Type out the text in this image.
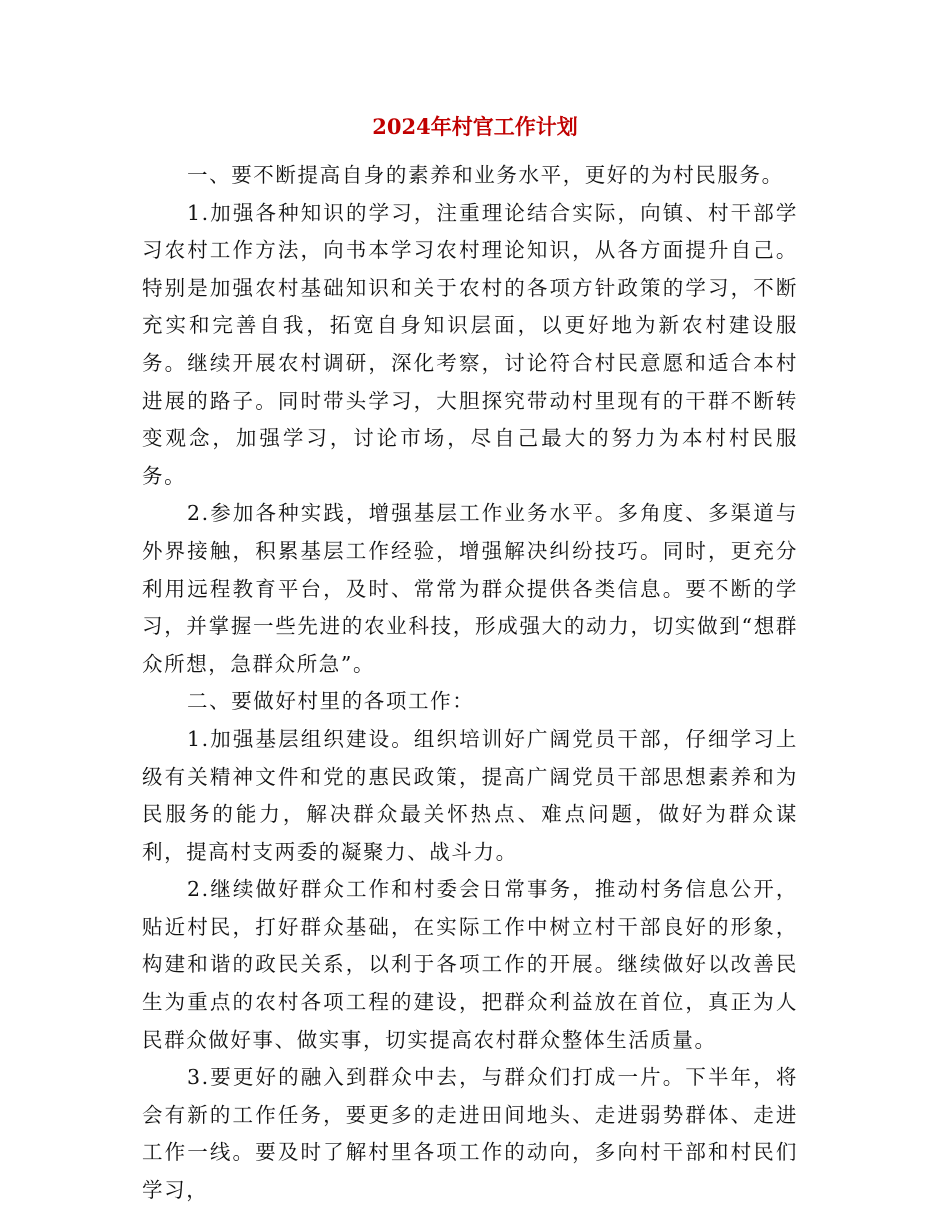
2024年村官工作计划

一、要不断提高自身的素养和业务水平，更好的为村民服务。

1.加强各种知识的学习，注重理论结合实际，向镇、村干部学习农村工作方法，向书本学习农村理论知识，从各方面提升自己。特别是加强农村基础知识和关于农村的各项方针政策的学习，不断充实和完善自我，拓宽自身知识层面，以更好地为新农村建设服务。继续开展农村调研，深化考察，讨论符合村民意愿和适合本村进展的路子。同时带头学习，大胆探究带动村里现有的干群不断转变观念，加强学习，讨论市场，尽自己最大的努力为本村村民服务。

2.参加各种实践，增强基层工作业务水平。多角度、多渠道与外界接触，积累基层工作经验，增强解决纠纷技巧。同时，更充分利用远程教育平台，及时、常常为群众提供各类信息。要不断的学习，并掌握一些先进的农业科技，形成强大的动力，切实做到“想群众所想，急群众所急”。

二、要做好村里的各项工作：

1.加强基层组织建设。组织培训好广阔党员干部，仔细学习上级有关精神文件和党的惠民政策，提高广阔党员干部思想素养和为民服务的能力，解决群众最关怀热点、难点问题，做好为群众谋利，提高村支两委的凝聚力、战斗力。

2.继续做好群众工作和村委会日常事务，推动村务信息公开，贴近村民，打好群众基础，在实际工作中树立村干部良好的形象，构建和谐的政民关系，以利于各项工作的开展。继续做好以改善民生为重点的农村各项工程的建设，把群众利益放在首位，真正为人民群众做好事、做实事，切实提高农村群众整体生活质量。

3.要更好的融入到群众中去，与群众们打成一片。下半年，将会有新的工作任务，要更多的走进田间地头、走进弱势群体、走进工作一线。要及时了解村里各项工作的动向，多向村干部和村民们学习，
